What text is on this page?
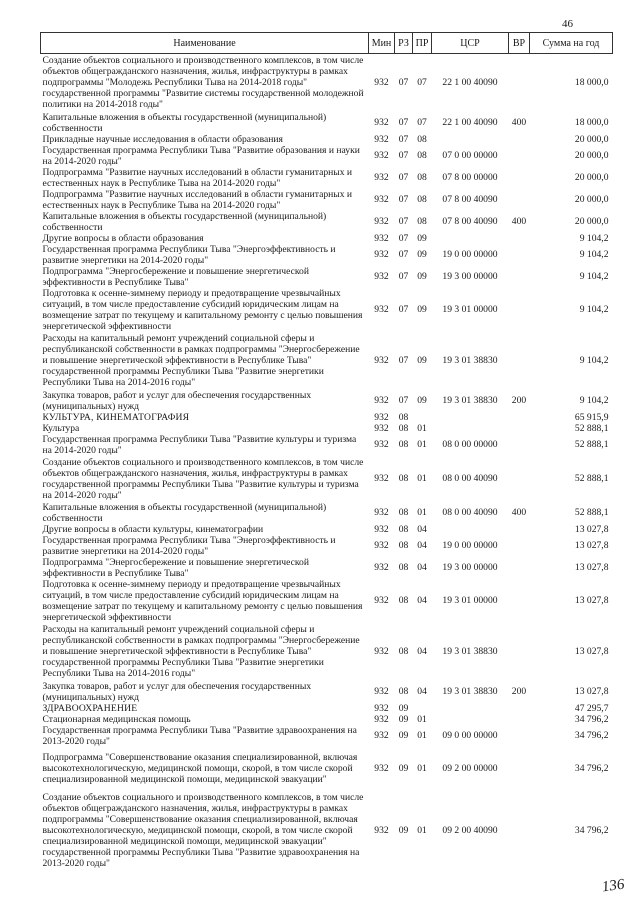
46
Наименование	Мин	РЗ	ПР	ЦСР	ВР	Сумма на год
Создание объектов социального и производственного комплексов, в том числе объектов общегражданского назначения, жилья, инфраструктуры в рамках подпрограммы "Молодежь Республики Тыва на 2014-2018 годы" государственной программы "Развитие системы государственной молодежной политики на 2014-2018 годы"	932	07	07	22 1 00 40090		18 000,0
Капитальные вложения в объекты государственной (муниципальной) собственности	932	07	07	22 1 00 40090	400	18 000,0
Прикладные научные исследования в области образования	932	07	08			20 000,0
Государственная программа Республики Тыва "Развитие образования и науки на 2014-2020 годы"	932	07	08	07 0 00 00000		20 000,0
Подпрограмма "Развитие научных исследований в области гуманитарных и естественных наук в Республике Тыва на 2014-2020 годы"	932	07	08	07 8 00 00000		20 000,0
Подпрограмма "Развитие научных исследований в области гуманитарных и естественных наук в Республике Тыва на 2014-2020 годы"	932	07	08	07 8 00 40090		20 000,0
Капитальные вложения в объекты государственной (муниципальной) собственности	932	07	08	07 8 00 40090	400	20 000,0
Другие вопросы в области образования	932	07	09			9 104,2
Государственная программа Республики Тыва "Энергоэффективность и развитие энергетики на 2014-2020 годы"	932	07	09	19 0 00 00000		9 104,2
Подпрограмма "Энергосбережение и повышение энергетической эффективности в Республике Тыва"	932	07	09	19 3 00 00000		9 104,2
Подготовка к осенне-зимнему периоду и предотвращение чрезвычайных ситуаций, в том числе предоставление субсидий юридическим лицам на возмещение затрат по текущему и капитальному ремонту с целью повышения энергетической эффективности	932	07	09	19 3 01 00000		9 104,2
Расходы на капитальный ремонт учреждений социальной сферы и республиканской собственности в рамках подпрограммы "Энергосбережение и повышение энергетической эффективности в Республике Тыва" государственной программы Республики Тыва "Развитие энергетики Республики Тыва на 2014-2016 годы"	932	07	09	19 3 01 38830		9 104,2
Закупка товаров, работ и услуг для обеспечения государственных (муниципальных) нужд	932	07	09	19 3 01 38830	200	9 104,2
КУЛЬТУРА, КИНЕМАТОГРАФИЯ	932	08				65 915,9
Культура	932	08	01			52 888,1
Государственная программа Республики Тыва "Развитие культуры и туризма на 2014-2020 годы"	932	08	01	08 0 00 00000		52 888,1
Создание объектов социального и производственного комплексов, в том числе объектов общегражданского назначения, жилья, инфраструктуры в рамках государственной программы Республики Тыва "Развитие культуры и туризма на 2014-2020 годы"	932	08	01	08 0 00 40090		52 888,1
Капитальные вложения в объекты государственной (муниципальной) собственности	932	08	01	08 0 00 40090	400	52 888,1
Другие вопросы в области культуры, кинематографии	932	08	04			13 027,8
Государственная программа Республики Тыва "Энергоэффективность и развитие энергетики на 2014-2020 годы"	932	08	04	19 0 00 00000		13 027,8
Подпрограмма "Энергосбережение и повышение энергетической эффективности в Республике Тыва"	932	08	04	19 3 00 00000		13 027,8
Подготовка к осенне-зимнему периоду и предотвращение чрезвычайных ситуаций, в том числе предоставление субсидий юридическим лицам на возмещение затрат по текущему и капитальному ремонту с целью повышения энергетической эффективности	932	08	04	19 3 01 00000		13 027,8
Расходы на капитальный ремонт учреждений социальной сферы и республиканской собственности в рамках подпрограммы "Энергосбережение и повышение энергетической эффективности в Республике Тыва" государственной программы Республики Тыва "Развитие энергетики Республики Тыва на 2014-2016 годы"	932	08	04	19 3 01 38830		13 027,8
Закупка товаров, работ и услуг для обеспечения государственных (муниципальных) нужд	932	08	04	19 3 01 38830	200	13 027,8
ЗДРАВООХРАНЕНИЕ	932	09				47 295,7
Стационарная медицинская помощь	932	09	01			34 796,2
Государственная программа Республики Тыва "Развитие здравоохранения на 2013-2020 годы"	932	09	01	09 0 00 00000		34 796,2
Подпрограмма "Совершенствование оказания специализированной, включая высокотехнологическую, медицинской помощи, скорой, в том числе скорой специализированной медицинской помощи, медицинской эвакуации"	932	09	01	09 2 00 00000		34 796,2
Создание объектов социального и производственного комплексов, в том числе объектов общегражданского назначения, жилья, инфраструктуры в рамках подпрограммы "Совершенствование оказания специализированной, включая высокотехнологическую, медицинской помощи, скорой, в том числе скорой специализированной медицинской помощи, медицинской эвакуации" государственной программы Республики Тыва "Развитие здравоохранения на 2013-2020 годы"	932	09	01	09 2 00 40090		34 796,2
136
